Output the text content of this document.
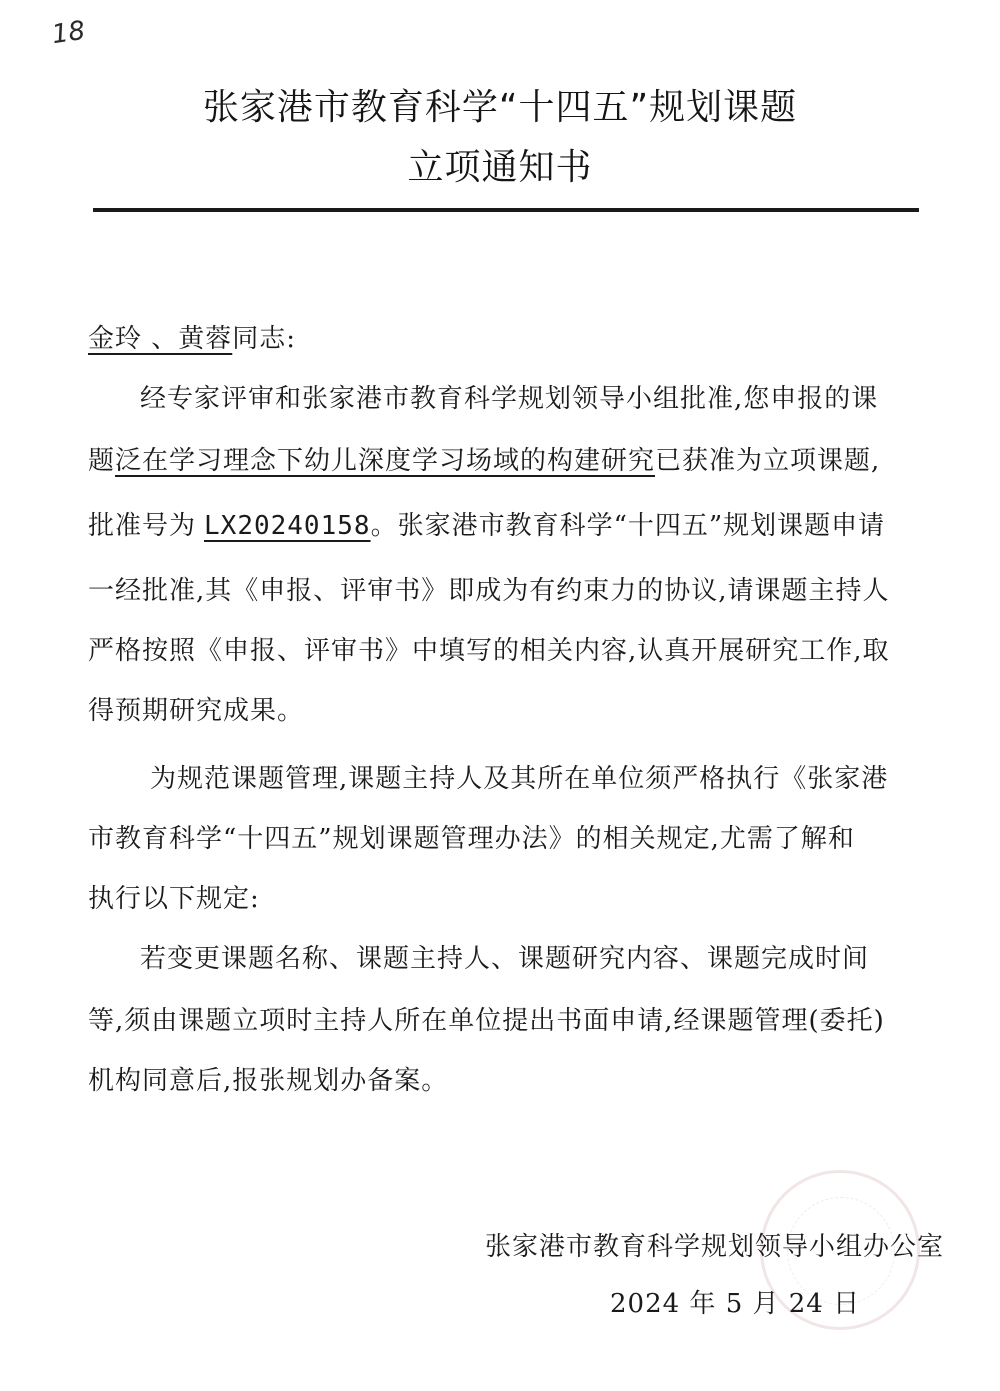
18
张家港市教育科学“十四五”规划课题
立项通知书
金玲 、黄蓉同志:
经专家评审和张家港市教育科学规划领导小组批准,您申报的课
题泛在学习理念下幼儿深度学习场域的构建研究已获准为立项课题,
批准号为 LX20240158。张家港市教育科学“十四五”规划课题申请
一经批准,其《申报、评审书》即成为有约束力的协议,请课题主持人
严格按照《申报、评审书》中填写的相关内容,认真开展研究工作,取
得预期研究成果。
为规范课题管理,课题主持人及其所在单位须严格执行《张家港
市教育科学“十四五”规划课题管理办法》的相关规定,尤需了解和
执行以下规定:
若变更课题名称、课题主持人、课题研究内容、课题完成时间
等,须由课题立项时主持人所在单位提出书面申请,经课题管理(委托)
机构同意后,报张规划办备案。
张家港市教育科学规划领导小组办公室
2024 年 5 月 24 日
